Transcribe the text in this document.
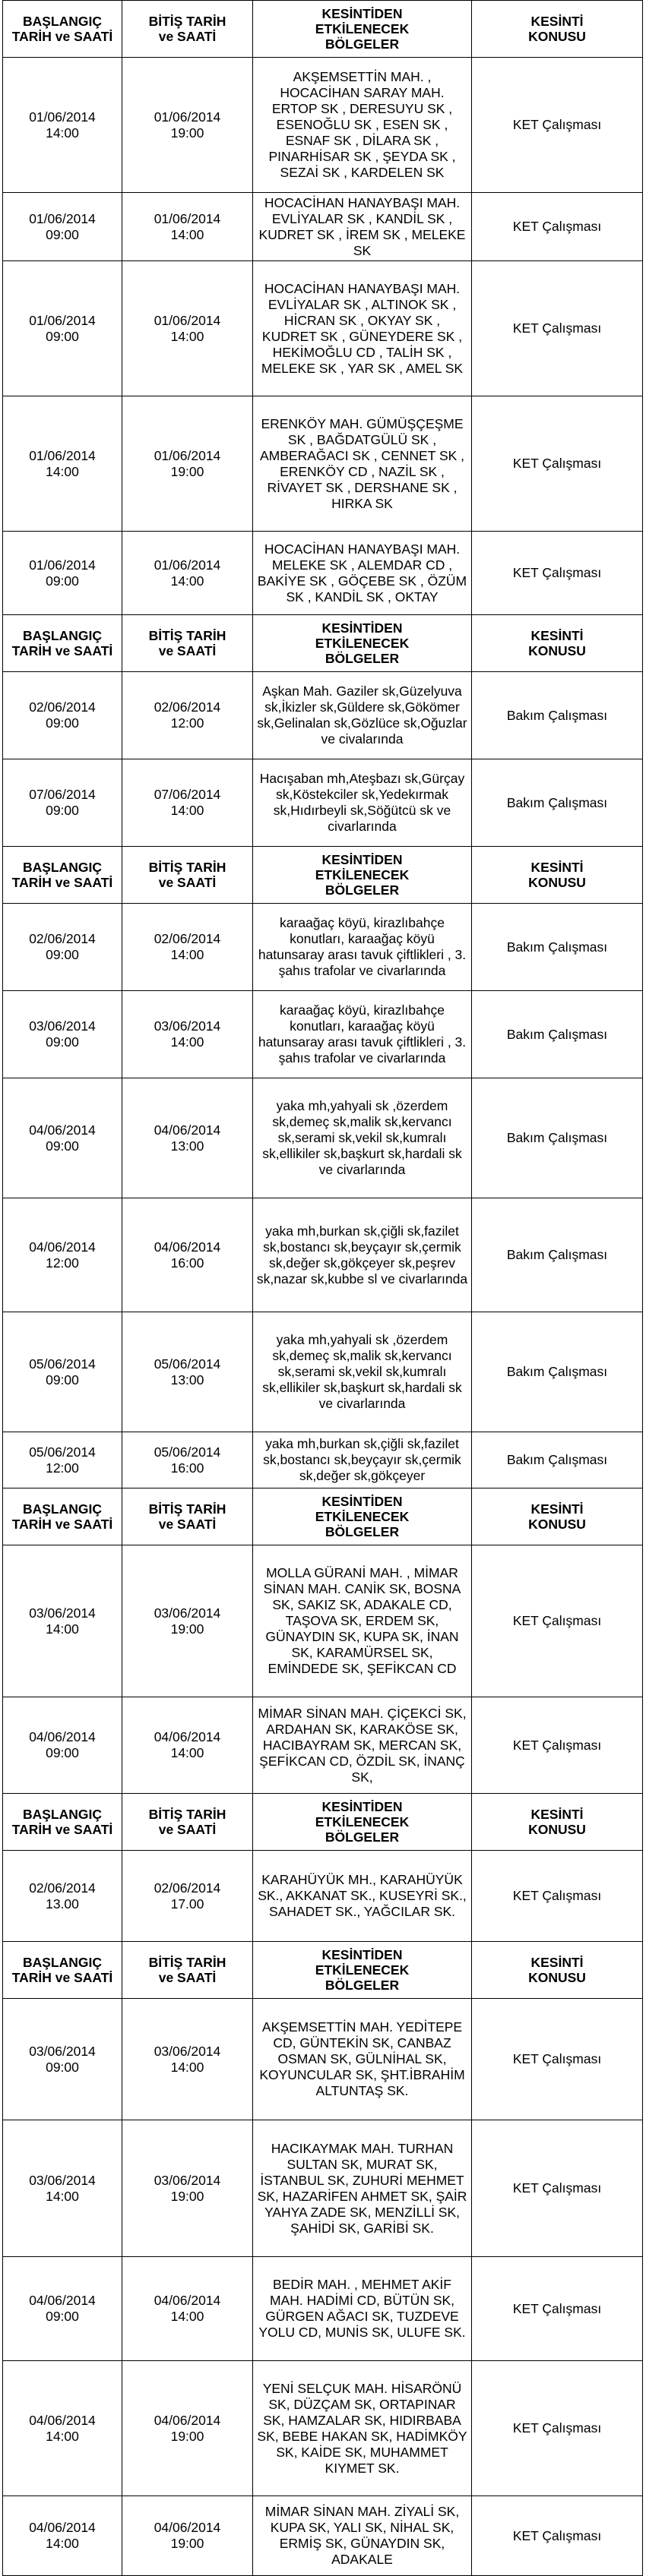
BAŞLANGIÇ
TARİH ve SAATİ	BİTİŞ TARİH
ve SAATİ	KESİNTİDEN
ETKİLENECEK
BÖLGELER	KESİNTİ
KONUSU

01/06/2014
14:00	01/06/2014
19:00	AKŞEMSETTİN MAH. , HOCACİHAN SARAY MAH. ERTOP SK , DERESUYU SK , ESENOĞLU SK , ESEN SK , ESNAF SK , DİLARA SK , PINARHİSAR SK , ŞEYDA SK , SEZAİ SK , KARDELEN SK	KET Çalışması

01/06/2014
09:00	01/06/2014
14:00	HOCACİHAN HANAYBAŞI MAH. EVLİYALAR SK , KANDİL SK , KUDRET SK , İREM SK , MELEKE SK	KET Çalışması

01/06/2014
09:00	01/06/2014
14:00	HOCACİHAN HANAYBAŞI MAH. EVLİYALAR SK , ALTINOK SK , HİCRAN SK , OKYAY SK , KUDRET SK , GÜNEYDERE SK , HEKİMOĞLU CD , TALİH SK , MELEKE SK , YAR SK , AMEL SK	KET Çalışması

01/06/2014
14:00	01/06/2014
19:00	ERENKÖY MAH. GÜMÜŞÇEŞME SK , BAĞDATGÜLÜ SK , AMBERAĞACI SK , CENNET SK , ERENKÖY CD , NAZİL SK , RİVAYET SK , DERSHANE SK , HIRKA SK	KET Çalışması

01/06/2014
09:00	01/06/2014
14:00	HOCACİHAN HANAYBAŞI MAH. MELEKE SK , ALEMDAR CD , BAKİYE SK , GÖÇEBE SK , ÖZÜM SK , KANDİL SK , OKTAY	KET Çalışması
BAŞLANGIÇ
TARİH ve SAATİ	BİTİŞ TARİH
ve SAATİ	KESİNTİDEN
ETKİLENECEK
BÖLGELER	KESİNTİ
KONUSU

02/06/2014
09:00	02/06/2014
12:00	Aşkan Mah. Gaziler sk,Güzelyuva sk,İkizler sk,Güldere sk,Gökömer sk,Gelinalan sk,Gözlüce sk,Oğuzlar ve civalarında	Bakım Çalışması

07/06/2014
09:00	07/06/2014
14:00	Hacışaban mh,Ateşbazı sk,Gürçay sk,Köstekciler sk,Yedekırmak sk,Hıdırbeyli sk,Söğütcü sk ve civarlarında	Bakım Çalışması
BAŞLANGIÇ
TARİH ve SAATİ	BİTİŞ TARİH
ve SAATİ	KESİNTİDEN
ETKİLENECEK
BÖLGELER	KESİNTİ
KONUSU

02/06/2014
09:00	02/06/2014
14:00	karaağaç köyü, kirazlıbahçe konutları, karaağaç köyü hatunsaray arası tavuk çiftlikleri , 3. şahıs trafolar ve civarlarında	Bakım Çalışması

03/06/2014
09:00	03/06/2014
14:00	karaağaç köyü, kirazlıbahçe konutları, karaağaç köyü hatunsaray arası tavuk çiftlikleri , 3. şahıs trafolar ve civarlarında	Bakım Çalışması

04/06/2014
09:00	04/06/2014
13:00	yaka mh,yahyali sk ,özerdem sk,demeç sk,malik sk,kervancı sk,serami sk,vekil sk,kumralı sk,ellikiler sk,başkurt sk,hardali sk ve civarlarında	Bakım Çalışması

04/06/2014
12:00	04/06/2014
16:00	yaka mh,burkan sk,çiğli sk,fazilet sk,bostancı sk,beyçayır sk,çermik sk,değer sk,gökçeyer sk,peşrev sk,nazar sk,kubbe sl ve civarlarında	Bakım Çalışması

05/06/2014
09:00	05/06/2014
13:00	yaka mh,yahyali sk ,özerdem sk,demeç sk,malik sk,kervancı sk,serami sk,vekil sk,kumralı sk,ellikiler sk,başkurt sk,hardali sk ve civarlarında	Bakım Çalışması

05/06/2014
12:00	05/06/2014
16:00	yaka mh,burkan sk,çiğli sk,fazilet sk,bostancı sk,beyçayır sk,çermik sk,değer sk,gökçeyer	Bakım Çalışması
BAŞLANGIÇ
TARİH ve SAATİ	BİTİŞ TARİH
ve SAATİ	KESİNTİDEN
ETKİLENECEK
BÖLGELER	KESİNTİ
KONUSU

03/06/2014
14:00	03/06/2014
19:00	MOLLA GÜRANİ MAH. , MİMAR SİNAN MAH. CANİK SK, BOSNA SK, SAKIZ SK, ADAKALE CD, TAŞOVA SK, ERDEM SK, GÜNAYDIN SK, KUPA SK, İNAN SK, KARAMÜRSEL SK, EMİNDEDE SK, ŞEFİKCAN CD	KET Çalışması

04/06/2014
09:00	04/06/2014
14:00	MİMAR SİNAN MAH. ÇİÇEKCİ SK, ARDAHAN SK, KARAKÖSE SK, HACIBAYRAM SK, MERCAN SK, ŞEFİKCAN CD, ÖZDİL SK, İNANÇ SK,	KET Çalışması
BAŞLANGIÇ
TARİH ve SAATİ	BİTİŞ TARİH
ve SAATİ	KESİNTİDEN
ETKİLENECEK
BÖLGELER	KESİNTİ
KONUSU

02/06/2014
13.00	02/06/2014
17.00	KARAHÜYÜK MH., KARAHÜYÜK SK., AKKANAT SK., KUSEYRİ SK., SAHADET SK., YAĞCILAR SK.	KET Çalışması
BAŞLANGIÇ
TARİH ve SAATİ	BİTİŞ TARİH
ve SAATİ	KESİNTİDEN
ETKİLENECEK
BÖLGELER	KESİNTİ
KONUSU

03/06/2014
09:00	03/06/2014
14:00	AKŞEMSETTİN MAH. YEDİTEPE CD, GÜNTEKİN SK, CANBAZ OSMAN SK, GÜLNİHAL SK, KOYUNCULAR SK, ŞHT.İBRAHİM ALTUNTAŞ SK.	KET Çalışması

03/06/2014
14:00	03/06/2014
19:00	HACIKAYMAK MAH. TURHAN SULTAN SK, MURAT SK, İSTANBUL SK, ZUHURİ MEHMET SK, HAZARİFEN AHMET SK, ŞAİR YAHYA ZADE SK, MENZİLLİ SK, ŞAHİDİ SK, GARİBİ SK.	KET Çalışması

04/06/2014
09:00	04/06/2014
14:00	BEDİR MAH. , MEHMET AKİF MAH. HADİMİ CD, BÜTÜN SK, GÜRGEN AĞACI SK, TUZDEVE YOLU CD, MUNİS SK, ULUFE SK.	KET Çalışması

04/06/2014
14:00	04/06/2014
19:00	YENİ SELÇUK MAH. HİSARÖNÜ SK, DÜZÇAM SK, ORTAPINAR SK, HAMZALAR SK, HIDIRBABA SK, BEBE HAKAN SK, HADİMKÖY SK, KAİDE SK, MUHAMMET KIYMET SK.	KET Çalışması

04/06/2014
14:00	04/06/2014
19:00	MİMAR SİNAN MAH. ZİYALİ SK, KUPA SK, YALI SK, NİHAL SK, ERMİŞ SK, GÜNAYDIN SK, ADAKALE	KET Çalışması
